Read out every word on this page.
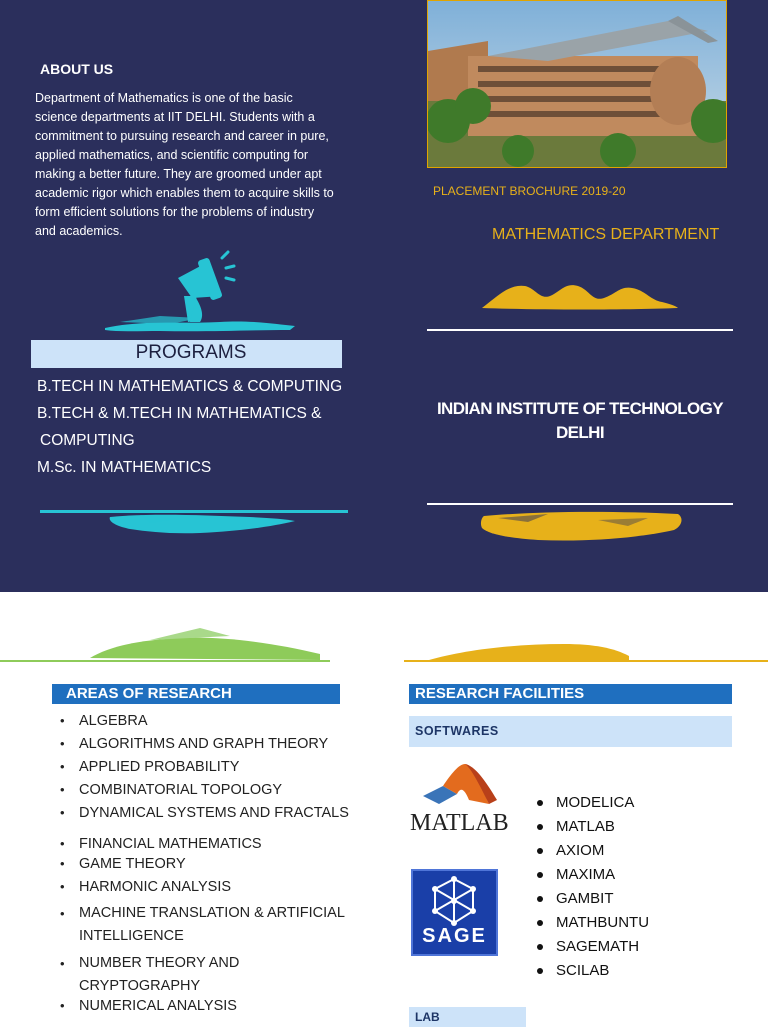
ABOUT US
Department of Mathematics is one of the basic science departments at IIT DELHI. Students with a commitment to pursuing research and career in pure, applied mathematics, and scientific computing for making a better future. They are groomed under apt academic rigor which enables them to acquire skills to form efficient solutions for the problems of industry and academics.
PROGRAMS
B.TECH IN MATHEMATICS & COMPUTING
B.TECH & M.TECH IN MATHEMATICS &
COMPUTING
M.Sc. IN MATHEMATICS
PLACEMENT BROCHURE 2019-20
MATHEMATICS DEPARTMENT
INDIAN INSTITUTE OF TECHNOLOGY
DELHI
AREAS OF RESEARCH
• ALGEBRA
• ALGORITHMS AND GRAPH THEORY
• APPLIED PROBABILITY
• COMBINATORIAL TOPOLOGY
• DYNAMICAL SYSTEMS AND FRACTALS
• FINANCIAL MATHEMATICS
• GAME THEORY
• HARMONIC ANALYSIS
• MACHINE TRANSLATION & ARTIFICIAL INTELLIGENCE
• NUMBER THEORY AND CRYPTOGRAPHY
• NUMERICAL ANALYSIS
RESEARCH FACILITIES
SOFTWARES
MATLAB
SAGE
MODELICA
MATLAB
AXIOM
MAXIMA
GAMBIT
MATHBUNTU
SAGEMATH
SCILAB
LAB
